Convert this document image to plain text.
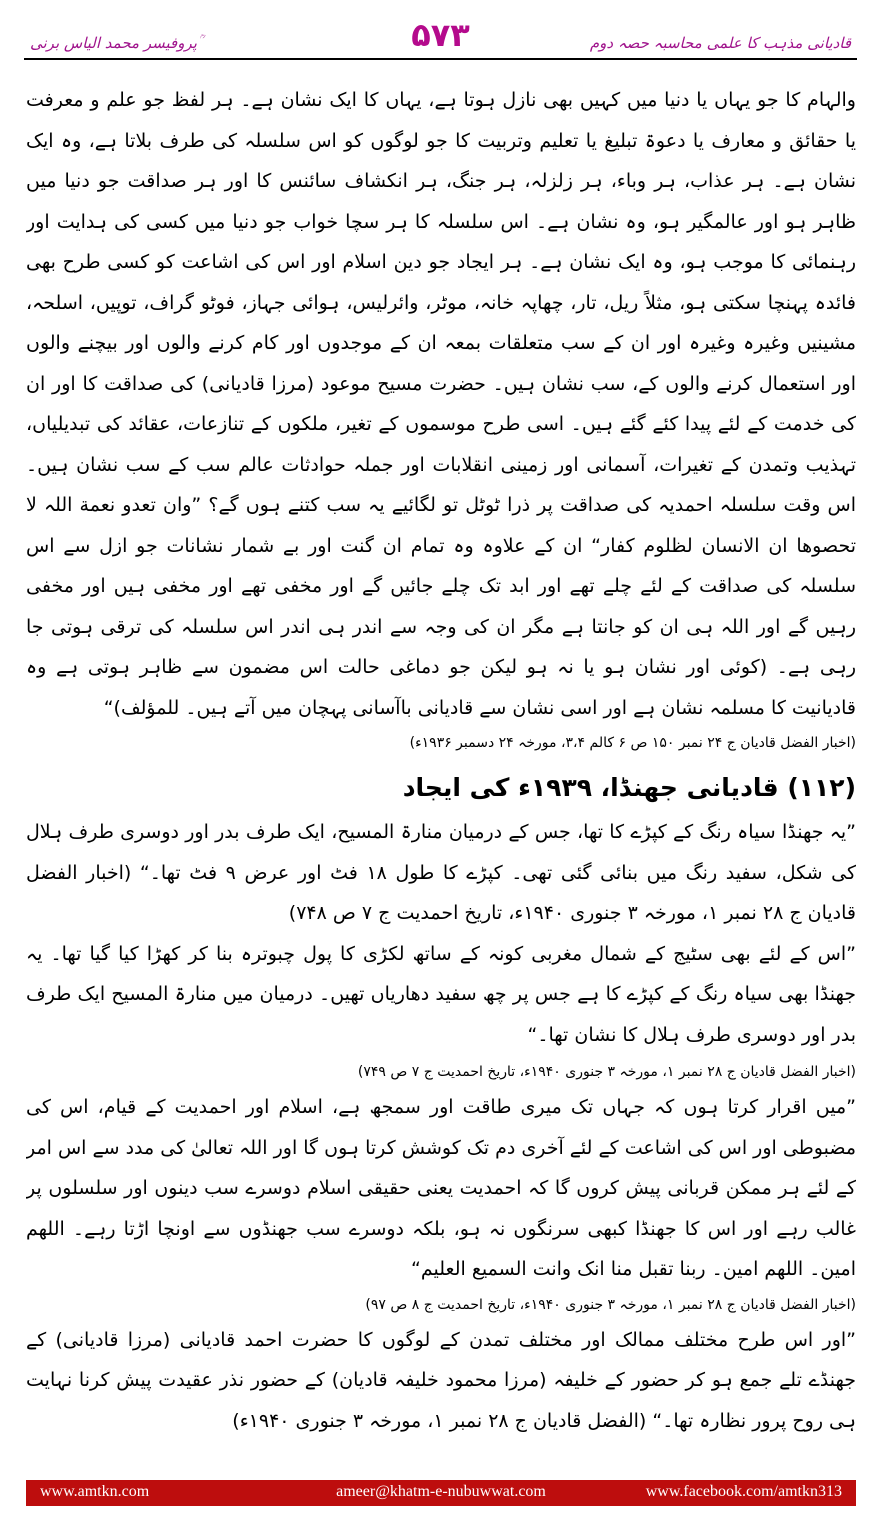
پروفیسر محمد الیاس برنی ؒ	۵۷۳	قادیانی مذہب کا علمی محاسبہ حصہ دوم

والہام کا جو یہاں یا دنیا میں کہیں بھی نازل ہوتا ہے، یہاں کا ایک نشان ہے۔ ہر لفظ جو علم و معرفت یا حقائق و معارف یا دعوۃ تبلیغ یا تعلیم وتربیت کا جو لوگوں کو اس سلسلہ کی طرف بلاتا ہے، وہ ایک نشان ہے۔ ہر عذاب، ہر وباء، ہر زلزلہ، ہر جنگ، ہر انکشاف سائنس کا اور ہر صداقت جو دنیا میں ظاہر ہو اور عالمگیر ہو، وہ نشان ہے۔ اس سلسلہ کا ہر سچا خواب جو دنیا میں کسی کی ہدایت اور رہنمائی کا موجب ہو، وہ ایک نشان ہے۔ ہر ایجاد جو دین اسلام اور اس کی اشاعت کو کسی طرح بھی فائدہ پہنچا سکتی ہو، مثلاً ریل، تار، چھاپہ خانہ، موٹر، وائرلیس، ہوائی جہاز، فوٹو گراف، توپیں، اسلحہ، مشینیں وغیرہ وغیرہ اور ان کے سب متعلقات بمعہ ان کے موجدوں اور کام کرنے والوں اور بیچنے والوں اور استعمال کرنے والوں کے، سب نشان ہیں۔ حضرت مسیح موعود (مرزا قادیانی) کی صداقت کا اور ان کی خدمت کے لئے پیدا کئے گئے ہیں۔ اسی طرح موسموں کے تغیر، ملکوں کے تنازعات، عقائد کی تبدیلیاں، تہذیب وتمدن کے تغیرات، آسمانی اور زمینی انقلابات اور جملہ حوادثات عالم سب کے سب نشان ہیں۔ اس وقت سلسلہ احمدیہ کی صداقت پر ذرا ٹوٹل تو لگائیے یہ سب کتنے ہوں گے؟ ”وان تعدو نعمة اللہ لا تحصوھا ان الانسان لظلوم کفار“ ان کے علاوہ وہ تمام ان گنت اور بے شمار نشانات جو ازل سے اس سلسلہ کی صداقت کے لئے چلے تھے اور ابد تک چلے جائیں گے اور مخفی تھے اور مخفی ہیں اور مخفی رہیں گے اور اللہ ہی ان کو جانتا ہے مگر ان کی وجہ سے اندر ہی اندر اس سلسلہ کی ترقی ہوتی جا رہی ہے۔ (کوئی اور نشان ہو یا نہ ہو لیکن جو دماغی حالت اس مضمون سے ظاہر ہوتی ہے وہ قادیانیت کا مسلمہ نشان ہے اور اسی نشان سے قادیانی باآسانی پہچان میں آتے ہیں۔ للمؤلف)“

(اخبار الفضل قادیان ج ۲۴ نمبر ۱۵۰ ص ۶ کالم ۳،۴، مورخہ ۲۴ دسمبر ۱۹۳۶ء)

(۱۱۲) قادیانی جھنڈا، ۱۹۳۹ء کی ایجاد

”یہ جھنڈا سیاہ رنگ کے کپڑے کا تھا، جس کے درمیان منارۃ المسیح، ایک طرف بدر اور دوسری طرف ہلال کی شکل، سفید رنگ میں بنائی گئی تھی۔ کپڑے کا طول ۱۸ فٹ اور عرض ۹ فٹ تھا۔“ (اخبار الفضل قادیان ج ۲۸ نمبر ۱، مورخہ ۳ جنوری ۱۹۴۰ء، تاریخ احمدیت ج ۷ ص ۷۴۸)

”اس کے لئے بھی سٹیج کے شمال مغربی کونہ کے ساتھ لکڑی کا پول چبوترہ بنا کر کھڑا کیا گیا تھا۔ یہ جھنڈا بھی سیاہ رنگ کے کپڑے کا ہے جس پر چھ سفید دھاریاں تھیں۔ درمیان میں منارۃ المسیح ایک طرف بدر اور دوسری طرف ہلال کا نشان تھا۔“

(اخبار الفضل قادیان ج ۲۸ نمبر ۱، مورخہ ۳ جنوری ۱۹۴۰ء، تاریخ احمدیت ج ۷ ص ۷۴۹)

”میں اقرار کرتا ہوں کہ جہاں تک میری طاقت اور سمجھ ہے، اسلام اور احمدیت کے قیام، اس کی مضبوطی اور اس کی اشاعت کے لئے آخری دم تک کوشش کرتا ہوں گا اور اللہ تعالیٰ کی مدد سے اس امر کے لئے ہر ممکن قربانی پیش کروں گا کہ احمدیت یعنی حقیقی اسلام دوسرے سب دینوں اور سلسلوں پر غالب رہے اور اس کا جھنڈا کبھی سرنگوں نہ ہو، بلکہ دوسرے سب جھنڈوں سے اونچا اڑتا رہے۔ اللھم امین۔ اللھم امین۔ ربنا تقبل منا انک وانت السمیع العلیم“

(اخبار الفضل قادیان ج ۲۸ نمبر ۱، مورخہ ۳ جنوری ۱۹۴۰ء، تاریخ احمدیت ج ۸ ص ۹۷)

”اور اس طرح مختلف ممالک اور مختلف تمدن کے لوگوں کا حضرت احمد قادیانی (مرزا قادیانی) کے جھنڈے تلے جمع ہو کر حضور کے خلیفہ (مرزا محمود خلیفہ قادیان) کے حضور نذر عقیدت پیش کرنا نہایت ہی روح پرور نظارہ تھا۔“ (الفضل قادیان ج ۲۸ نمبر ۱، مورخہ ۳ جنوری ۱۹۴۰ء)

www.amtkn.com	ameer@khatm-e-nubuwwat.com	www.facebook.com/amtkn313
